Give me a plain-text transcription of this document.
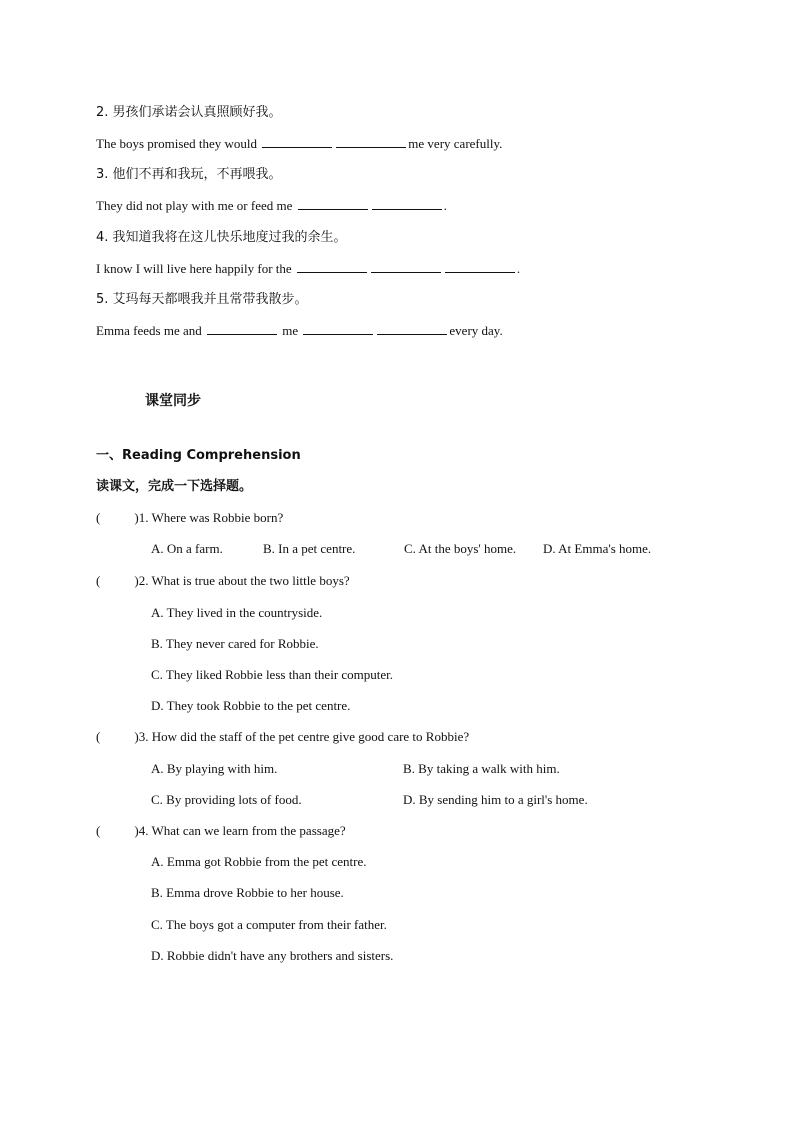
2. 男孩们承诺会认真照顾好我。
The boys promised they would	me very carefully.
3. 他们不再和我玩，不再喂我。
They did not play with me or feed me	.
4. 我知道我将在这儿快乐地度过我的余生。
I know I will live here happily for the	.
5. 艾玛每天都喂我并且常带我散步。
Emma feeds me and	me	every day.
课堂同步
一、Reading Comprehension
读课文，完成一下选择题。
(	)1. Where was Robbie born?
A. On a farm.	B. In a pet centre.	C. At the boys' home. D. At Emma's home.
(	)2. What is true about the two little boys?
A. They lived in the countryside.
B. They never cared for Robbie.
C. They liked Robbie less than their computer.
D. They took Robbie to the pet centre.
(	)3. How did the staff of the pet centre give good care to Robbie?
A. By playing with him.	B. By taking a walk with him.
C. By providing lots of food.	D. By sending him to a girl's home.
(	)4. What can we learn from the passage?
A. Emma got Robbie from the pet centre.
B. Emma drove Robbie to her house.
C. The boys got a computer from their father.
D. Robbie didn't have any brothers and sisters.
